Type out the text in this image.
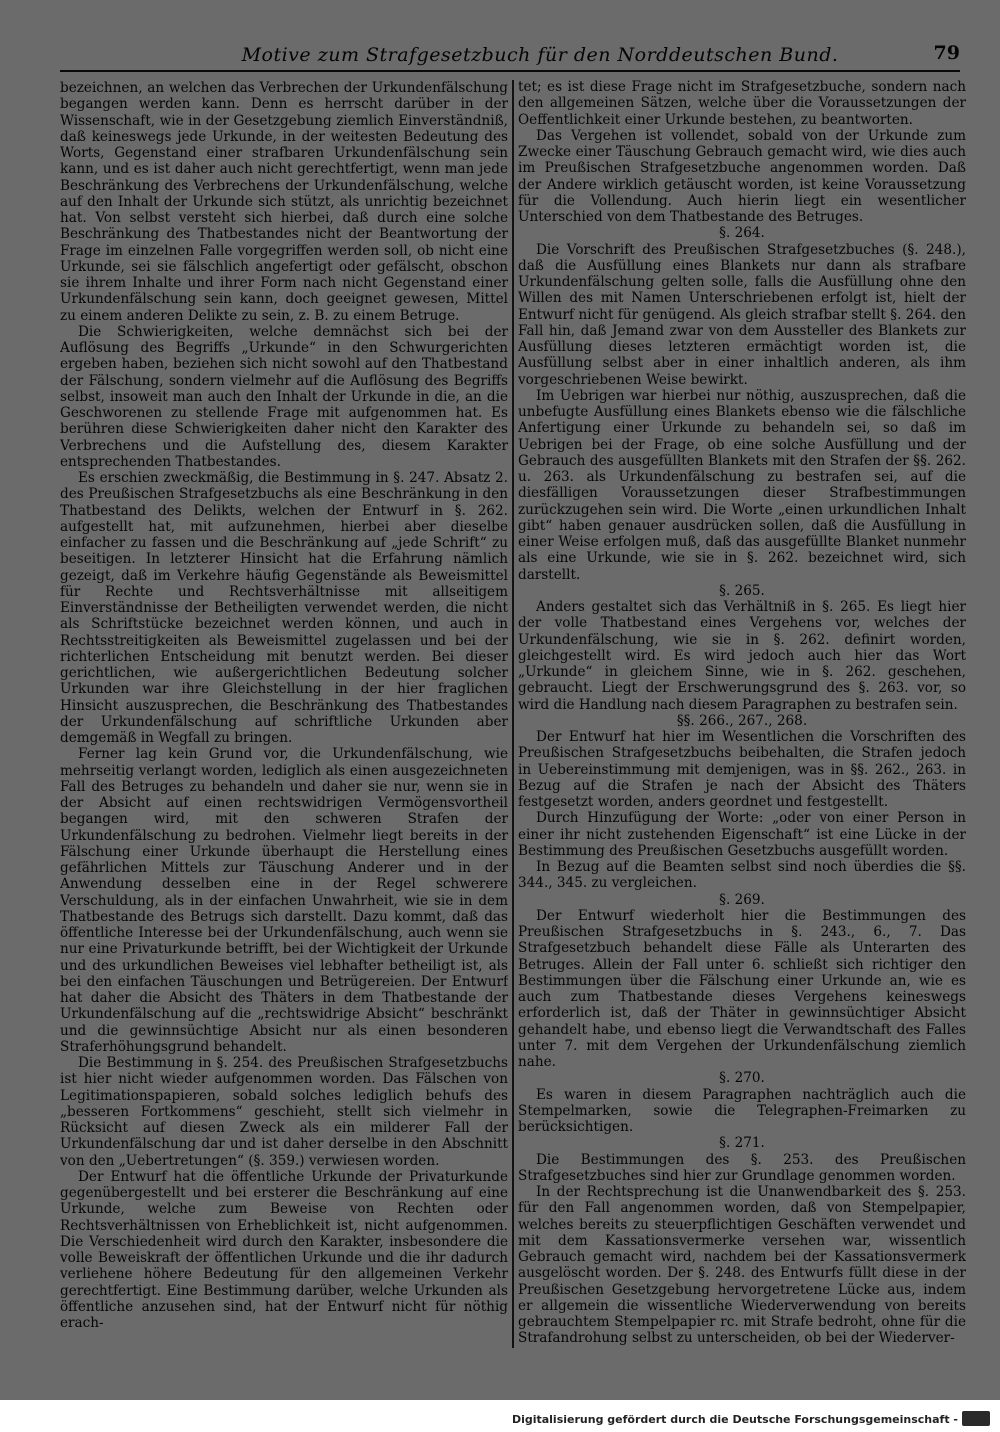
Motive zum Strafgesetzbuch für den Norddeutschen Bund.	79

bezeichnen, an welchen das Verbrechen der Urkundenfälschung begangen werden kann. Denn es herrscht darüber in der Wissenschaft, wie in der Gesetzgebung ziemlich Einverständniß, daß keineswegs jede Urkunde, in der weitesten Bedeutung des Worts, Gegenstand einer strafbaren Urkundenfälschung sein kann, und es ist daher auch nicht gerechtfertigt, wenn man jede Beschränkung des Verbrechens der Urkundenfälschung, welche auf den Inhalt der Urkunde sich stützt, als unrichtig bezeichnet hat. Von selbst versteht sich hierbei, daß durch eine solche Beschränkung des Thatbestandes nicht der Beantwortung der Frage im einzelnen Falle vorgegriffen werden soll, ob nicht eine Urkunde, sei sie fälschlich angefertigt oder gefälscht, obschon sie ihrem Inhalte und ihrer Form nach nicht Gegenstand einer Urkundenfälschung sein kann, doch geeignet gewesen, Mittel zu einem anderen Delikte zu sein, z. B. zu einem Betruge.

Die Schwierigkeiten, welche demnächst sich bei der Auflösung des Begriffs „Urkunde“ in den Schwurgerichten ergeben haben, beziehen sich nicht sowohl auf den Thatbestand der Fälschung, sondern vielmehr auf die Auflösung des Begriffs selbst, insoweit man auch den Inhalt der Urkunde in die, an die Geschworenen zu stellende Frage mit aufgenommen hat. Es berühren diese Schwierigkeiten daher nicht den Karakter des Verbrechens und die Aufstellung des, diesem Karakter entsprechenden Thatbestandes.

Es erschien zweckmäßig, die Bestimmung in §. 247. Absatz 2. des Preußischen Strafgesetzbuchs als eine Beschränkung in den Thatbestand des Delikts, welchen der Entwurf in §. 262. aufgestellt hat, mit aufzunehmen, hierbei aber dieselbe einfacher zu fassen und die Beschränkung auf „jede Schrift“ zu beseitigen. In letzterer Hinsicht hat die Erfahrung nämlich gezeigt, daß im Verkehre häufig Gegenstände als Beweismittel für Rechte und Rechtsverhältnisse mit allseitigem Einverständnisse der Betheiligten verwendet werden, die nicht als Schriftstücke bezeichnet werden können, und auch in Rechtsstreitigkeiten als Beweismittel zugelassen und bei der richterlichen Entscheidung mit benutzt werden. Bei dieser gerichtlichen, wie außergerichtlichen Bedeutung solcher Urkunden war ihre Gleichstellung in der hier fraglichen Hinsicht auszusprechen, die Beschränkung des Thatbestandes der Urkundenfälschung auf schriftliche Urkunden aber demgemäß in Wegfall zu bringen.

Ferner lag kein Grund vor, die Urkundenfälschung, wie mehrseitig verlangt worden, lediglich als einen ausgezeichneten Fall des Betruges zu behandeln und daher sie nur, wenn sie in der Absicht auf einen rechtswidrigen Vermögensvortheil begangen wird, mit den schweren Strafen der Urkundenfälschung zu bedrohen. Vielmehr liegt bereits in der Fälschung einer Urkunde überhaupt die Herstellung eines gefährlichen Mittels zur Täuschung Anderer und in der Anwendung desselben eine in der Regel schwerere Verschuldung, als in der einfachen Unwahrheit, wie sie in dem Thatbestande des Betrugs sich darstellt. Dazu kommt, daß das öffentliche Interesse bei der Urkundenfälschung, auch wenn sie nur eine Privaturkunde betrifft, bei der Wichtigkeit der Urkunde und des urkundlichen Beweises viel lebhafter betheiligt ist, als bei den einfachen Täuschungen und Betrügereien. Der Entwurf hat daher die Absicht des Thäters in dem Thatbestande der Urkundenfälschung auf die „rechtswidrige Absicht“ beschränkt und die gewinnsüchtige Absicht nur als einen besonderen Straferhöhungsgrund behandelt.

Die Bestimmung in §. 254. des Preußischen Strafgesetzbuchs ist hier nicht wieder aufgenommen worden. Das Fälschen von Legitimationspapieren, sobald solches lediglich behufs des „besseren Fortkommens“ geschieht, stellt sich vielmehr in Rücksicht auf diesen Zweck als ein milderer Fall der Urkundenfälschung dar und ist daher derselbe in den Abschnitt von den „Uebertretungen“ (§. 359.) verwiesen worden.

Der Entwurf hat die öffentliche Urkunde der Privaturkunde gegenübergestellt und bei ersterer die Beschränkung auf eine Urkunde, welche zum Beweise von Rechten oder Rechtsverhältnissen von Erheblichkeit ist, nicht aufgenommen. Die Verschiedenheit wird durch den Karakter, insbesondere die volle Beweiskraft der öffentlichen Urkunde und die ihr dadurch verliehene höhere Bedeutung für den allgemeinen Verkehr gerechtfertigt. Eine Bestimmung darüber, welche Urkunden als öffentliche anzusehen sind, hat der Entwurf nicht für nöthig erach-

tet; es ist diese Frage nicht im Strafgesetzbuche, sondern nach den allgemeinen Sätzen, welche über die Voraussetzungen der Oeffentlichkeit einer Urkunde bestehen, zu beantworten.

Das Vergehen ist vollendet, sobald von der Urkunde zum Zwecke einer Täuschung Gebrauch gemacht wird, wie dies auch im Preußischen Strafgesetzbuche angenommen worden. Daß der Andere wirklich getäuscht worden, ist keine Voraussetzung für die Vollendung. Auch hierin liegt ein wesentlicher Unterschied von dem Thatbestande des Betruges.

§. 264.

Die Vorschrift des Preußischen Strafgesetzbuches (§. 248.), daß die Ausfüllung eines Blankets nur dann als strafbare Urkundenfälschung gelten solle, falls die Ausfüllung ohne den Willen des mit Namen Unterschriebenen erfolgt ist, hielt der Entwurf nicht für genügend. Als gleich strafbar stellt §. 264. den Fall hin, daß Jemand zwar von dem Aussteller des Blankets zur Ausfüllung dieses letzteren ermächtigt worden ist, die Ausfüllung selbst aber in einer inhaltlich anderen, als ihm vorgeschriebenen Weise bewirkt.

Im Uebrigen war hierbei nur nöthig, auszusprechen, daß die unbefugte Ausfüllung eines Blankets ebenso wie die fälschliche Anfertigung einer Urkunde zu behandeln sei, so daß im Uebrigen bei der Frage, ob eine solche Ausfüllung und der Gebrauch des ausgefüllten Blankets mit den Strafen der §§. 262. u. 263. als Urkundenfälschung zu bestrafen sei, auf die diesfälligen Voraussetzungen dieser Strafbestimmungen zurückzugehen sein wird. Die Worte „einen urkundlichen Inhalt gibt“ haben genauer ausdrücken sollen, daß die Ausfüllung in einer Weise erfolgen muß, daß das ausgefüllte Blanket nunmehr als eine Urkunde, wie sie in §. 262. bezeichnet wird, sich darstellt.

§. 265.

Anders gestaltet sich das Verhältniß in §. 265. Es liegt hier der volle Thatbestand eines Vergehens vor, welches der Urkundenfälschung, wie sie in §. 262. definirt worden, gleichgestellt wird. Es wird jedoch auch hier das Wort „Urkunde“ in gleichem Sinne, wie in §. 262. geschehen, gebraucht. Liegt der Erschwerungsgrund des §. 263. vor, so wird die Handlung nach diesem Paragraphen zu bestrafen sein.

§§. 266., 267., 268.

Der Entwurf hat hier im Wesentlichen die Vorschriften des Preußischen Strafgesetzbuchs beibehalten, die Strafen jedoch in Uebereinstimmung mit demjenigen, was in §§. 262., 263. in Bezug auf die Strafen je nach der Absicht des Thäters festgesetzt worden, anders geordnet und festgestellt.

Durch Hinzufügung der Worte: „oder von einer Person in einer ihr nicht zustehenden Eigenschaft“ ist eine Lücke in der Bestimmung des Preußischen Gesetzbuchs ausgefüllt worden.

In Bezug auf die Beamten selbst sind noch überdies die §§. 344., 345. zu vergleichen.

§. 269.

Der Entwurf wiederholt hier die Bestimmungen des Preußischen Strafgesetzbuchs in §. 243., 6., 7. Das Strafgesetzbuch behandelt diese Fälle als Unterarten des Betruges. Allein der Fall unter 6. schließt sich richtiger den Bestimmungen über die Fälschung einer Urkunde an, wie es auch zum Thatbestande dieses Vergehens keineswegs erforderlich ist, daß der Thäter in gewinnsüchtiger Absicht gehandelt habe, und ebenso liegt die Verwandtschaft des Falles unter 7. mit dem Vergehen der Urkundenfälschung ziemlich nahe.

§. 270.

Es waren in diesem Paragraphen nachträglich auch die Stempelmarken, sowie die Telegraphen-Freimarken zu berücksichtigen.

§. 271.

Die Bestimmungen des §. 253. des Preußischen Strafgesetzbuches sind hier zur Grundlage genommen worden.

In der Rechtsprechung ist die Unanwendbarkeit des §. 253. für den Fall angenommen worden, daß von Stempelpapier, welches bereits zu steuerpflichtigen Geschäften verwendet und mit dem Kassationsvermerke versehen war, wissentlich Gebrauch gemacht wird, nachdem bei der Kassationsvermerk ausgelöscht worden. Der §. 248. des Entwurfs füllt diese in der Preußischen Gesetzgebung hervorgetretene Lücke aus, indem er allgemein die wissentliche Wiederverwendung von bereits gebrauchtem Stempelpapier rc. mit Strafe bedroht, ohne für die Strafandrohung selbst zu unterscheiden, ob bei der Wiederver-

Digitalisierung gefördert durch die Deutsche Forschungsgemeinschaft -
